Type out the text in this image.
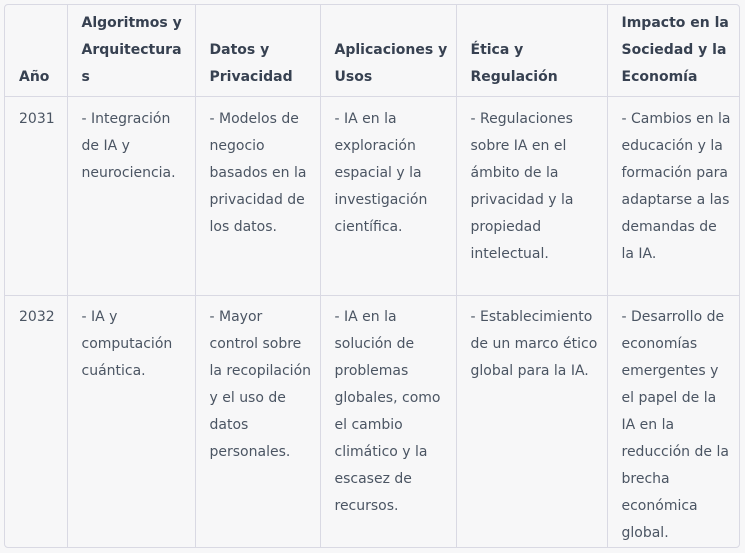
Año	Algoritmos y Arquitecturas	Datos y Privacidad	Aplicaciones y Usos	Ética y Regulación	Impacto en la Sociedad y la Economía
2031	- Integración de IA y neurociencia.	- Modelos de negocio basados en la privacidad de los datos.	- IA en la exploración espacial y la investigación científica.	- Regulaciones sobre IA en el ámbito de la privacidad y la propiedad intelectual.	- Cambios en la educación y la formación para adaptarse a las demandas de la IA.
2032	- IA y computación cuántica.	- Mayor control sobre la recopilación y el uso de datos personales.	- IA en la solución de problemas globales, como el cambio climático y la escasez de recursos.	- Establecimiento de un marco ético global para la IA.	- Desarrollo de economías emergentes y el papel de la IA en la reducción de la brecha económica global.
